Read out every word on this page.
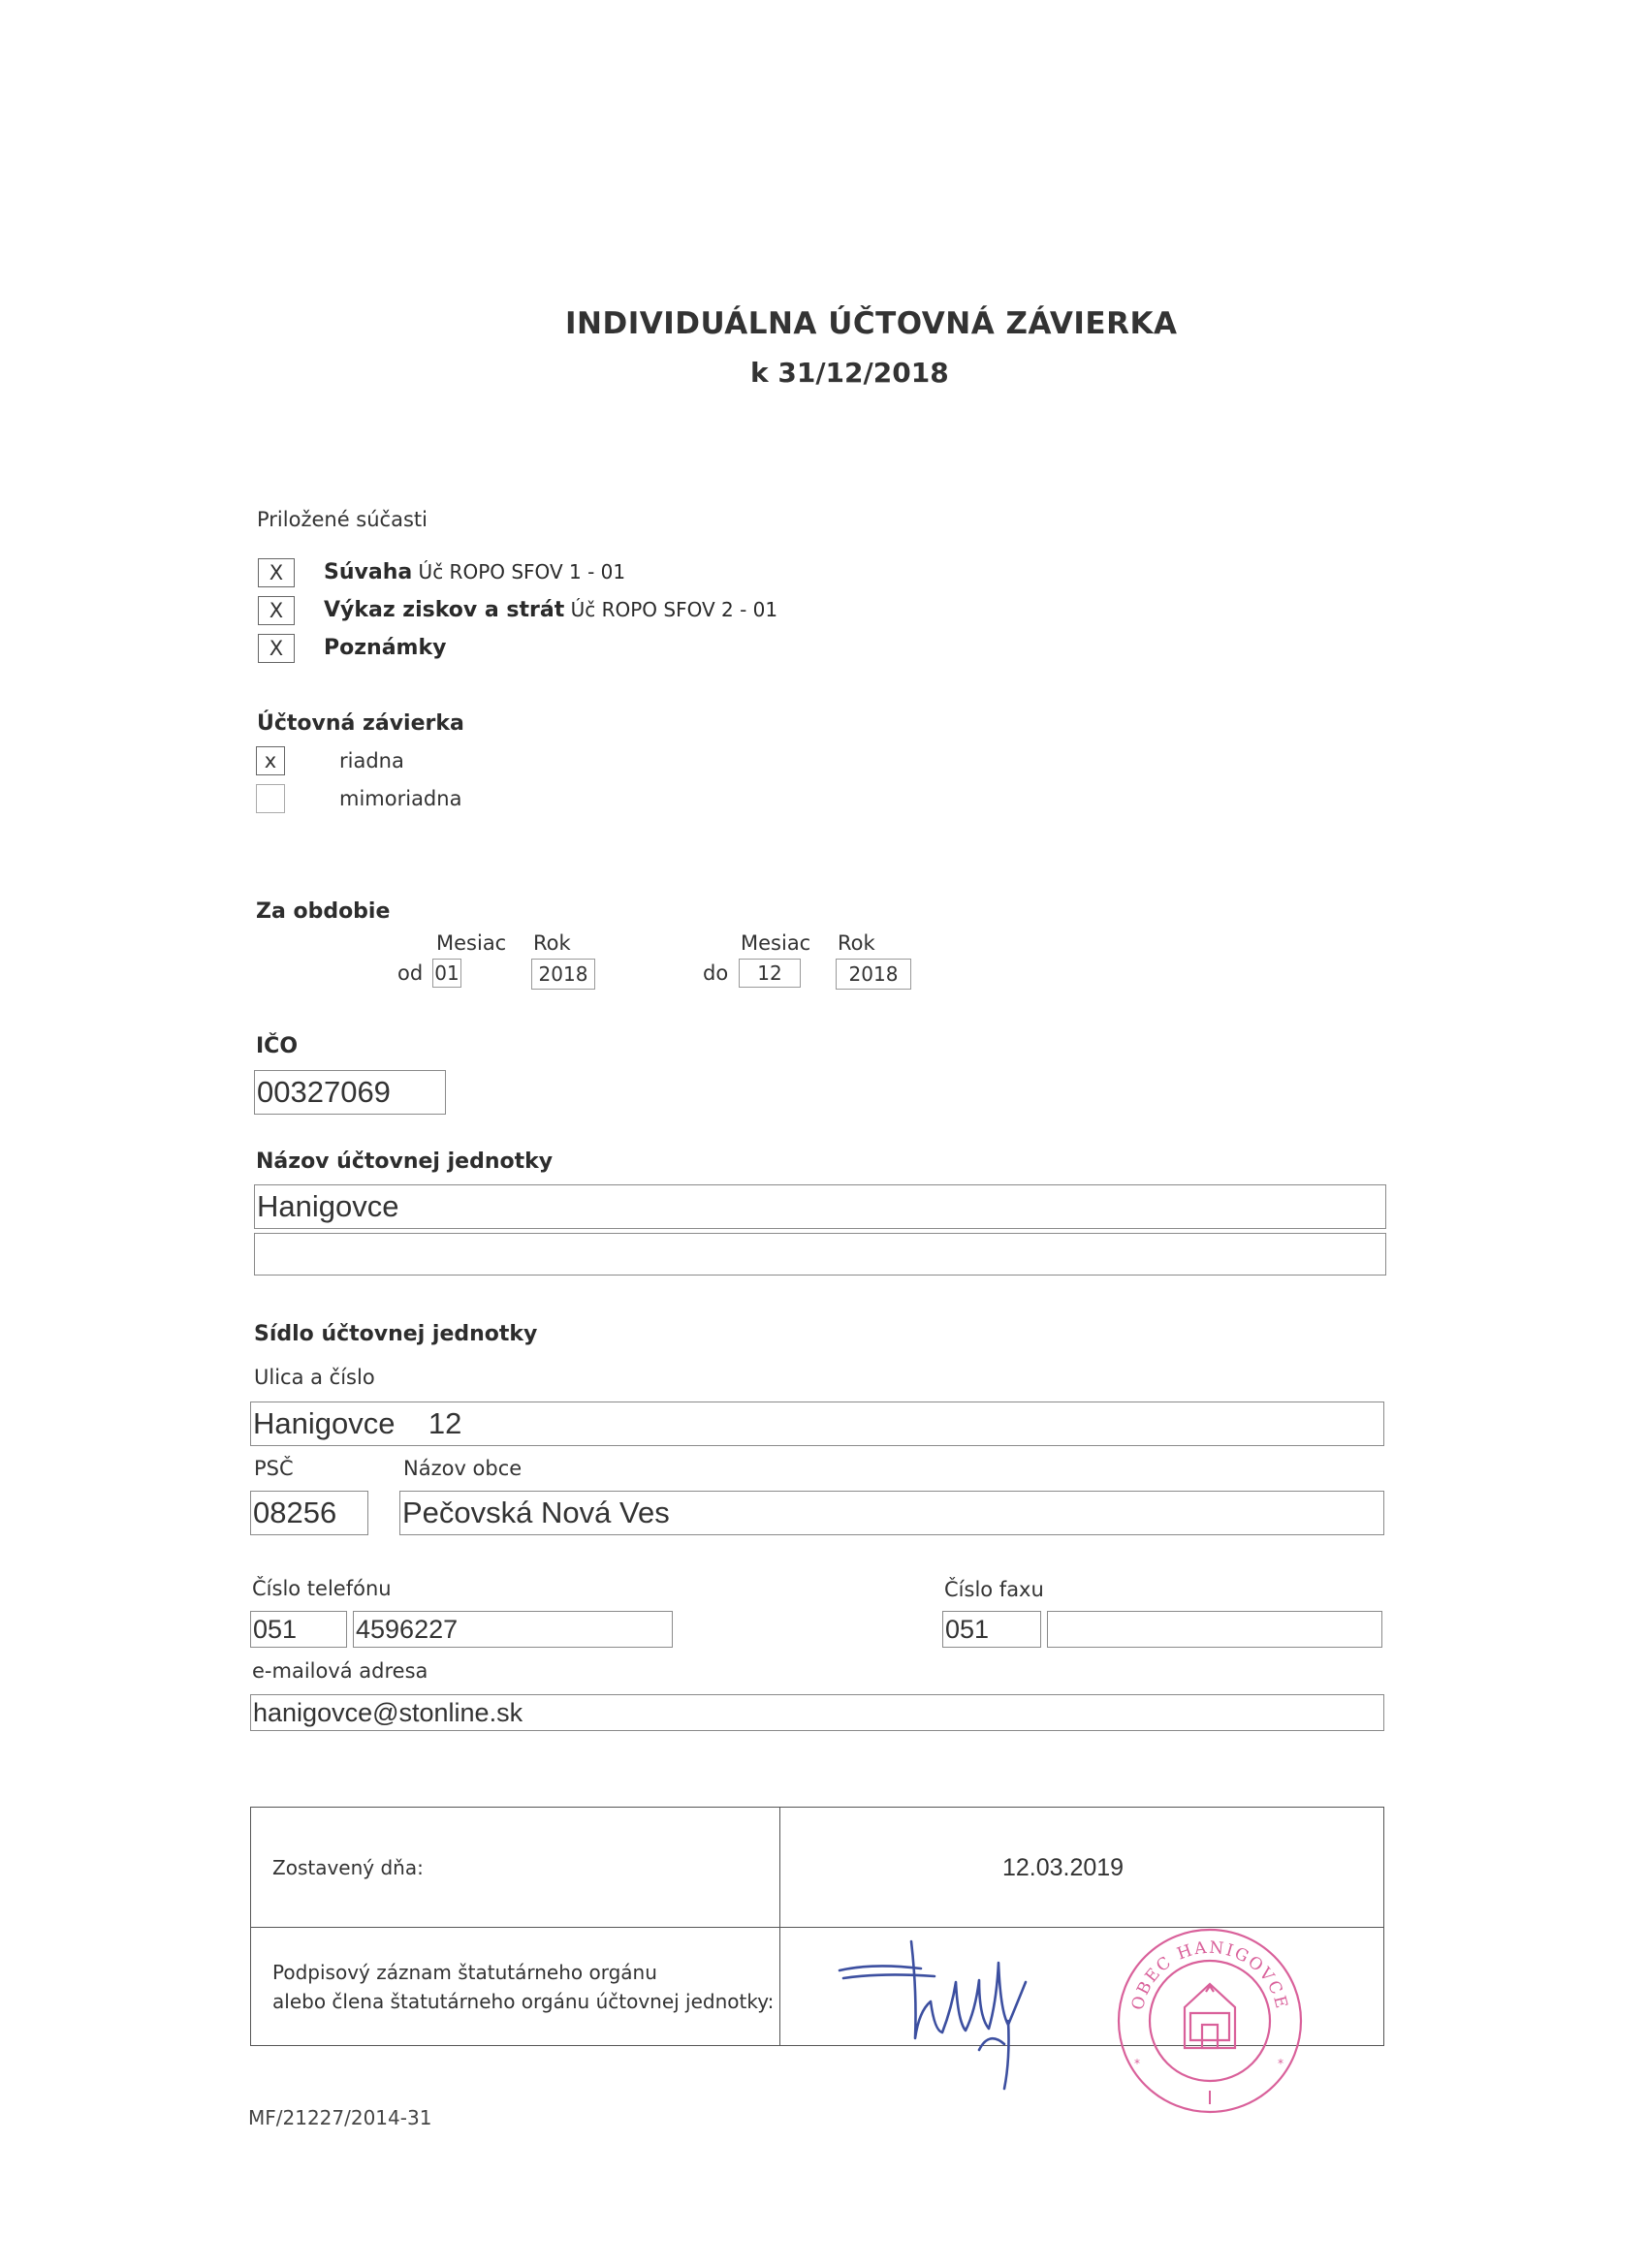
INDIVIDUÁLNA ÚČTOVNÁ ZÁVIERKA
k 31/12/2018
Priložené súčasti
X	Súvaha Úč ROPO SFOV 1 - 01
X	Výkaz ziskov a strát Úč ROPO SFOV 2 - 01
X	Poznámky
Účtovná závierka
x	riadna
mimoriadna
Za obdobie
Mesiac Rok	Mesiac Rok
od 01	2018	do	12	2018
IČO
00327069
Názov účtovnej jednotky
Hanigovce
Sídlo účtovnej jednotky
Ulica a číslo
Hanigovce    12
PSČ	Názov obce
08256	Pečovská Nová Ves
Číslo telefónu	Číslo faxu
051	4596227	051
e-mailová adresa
hanigovce@stonline.sk
Zostavený dňa:	12.03.2019

Podpisový záznam štatutárneho orgánu
alebo člena štatutárneho orgánu účtovnej jednotky:	
		OBEC HANIGOVCE
*	*
MF/21227/2014-31
